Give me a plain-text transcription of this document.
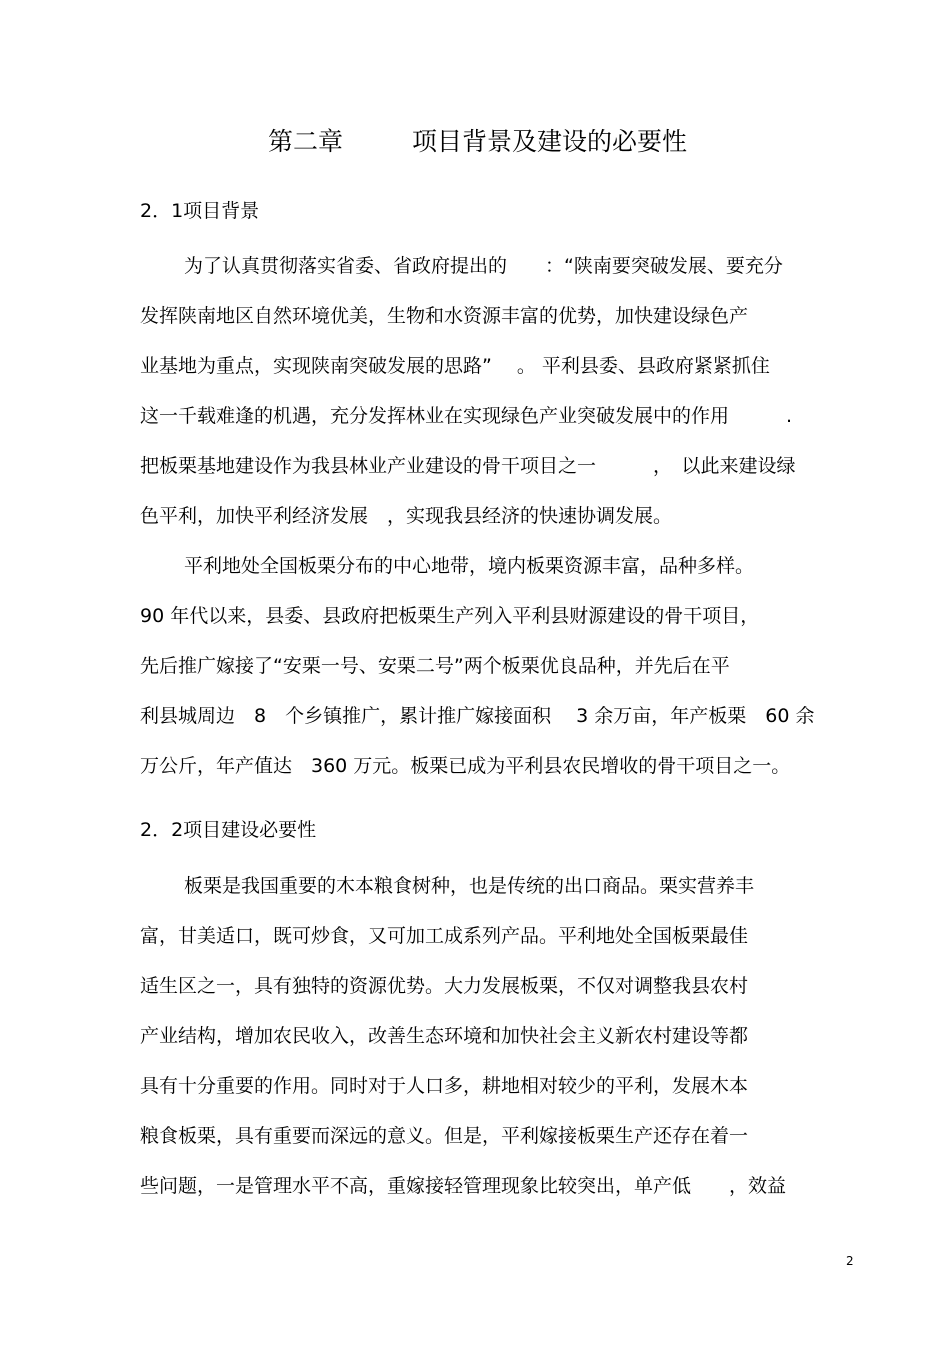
第二章	项目背景及建设的必要性
2．1项目背景
为了认真贯彻落实省委、省政府提出的　　：“陕南要突破发展、要充分
发挥陕南地区自然环境优美，生物和水资源丰富的优势，加快建设绿色产
业基地为重点，实现陕南突破发展的思路”　 。 平利县委、县政府紧紧抓住
这一千载难逢的机遇，充分发挥林业在实现绿色产业突破发展中的作用　　　.
把板栗基地建设作为我县林业产业建设的骨干项目之一　　　，　以此来建设绿
色平利，加快平利经济发展　，实现我县经济的快速协调发展。
平利地处全国板栗分布的中心地带，境内板栗资源丰富，品种多样。
90 年代以来，县委、县政府把板栗生产列入平利县财源建设的骨干项目，
先后推广嫁接了“安栗一号、安栗二号”两个板栗优良品种，并先后在平
利县城周边　8　个乡镇推广，累计推广嫁接面积　 3 余万亩，年产板栗　60 余
万公斤，年产值达　360 万元。板栗已成为平利县农民增收的骨干项目之一。
2．2项目建设必要性
板栗是我国重要的木本粮食树种，也是传统的出口商品。栗实营养丰
富，甘美适口，既可炒食，又可加工成系列产品。平利地处全国板栗最佳
适生区之一，具有独特的资源优势。大力发展板栗，不仅对调整我县农村
产业结构，增加农民收入，改善生态环境和加快社会主义新农村建设等都
具有十分重要的作用。同时对于人口多，耕地相对较少的平利，发展木本
粮食板栗，具有重要而深远的意义。但是，平利嫁接板栗生产还存在着一
些问题，一是管理水平不高，重嫁接轻管理现象比较突出，单产低　　，效益
2
